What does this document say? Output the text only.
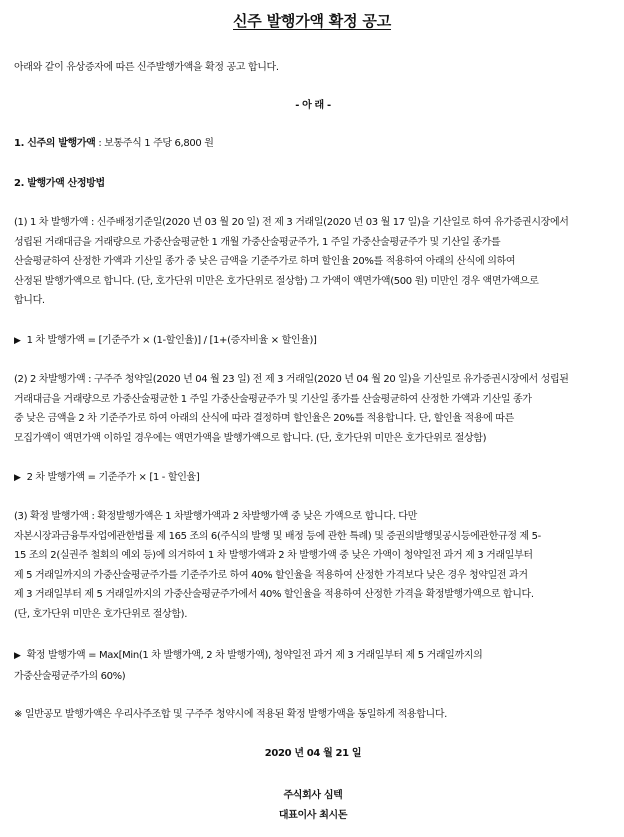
신주 발행가액 확정 공고

아래와 같이 유상증자에 따른 신주발행가액을 확정 공고 합니다.

- 아 래 -

1. 신주의 발행가액 : 보통주식 1 주당 6,800 원

2. 발행가액 산정방법

(1) 1 차 발행가액 : 신주배정기준일(2020 년 03 월 20 일) 전 제 3 거래일(2020 년 03 월 17 일)을 기산일로 하여 유가증권시장에서
성립된 거래대금을 거래량으로 가중산술평균한 1 개월 가중산술평균주가, 1 주일 가중산술평균주가 및 기산일 종가를
산술평균하여 산정한 가액과 기산일 종가 중 낮은 금액을 기준주가로 하며 할인율 20%를 적용하여 아래의 산식에 의하여
산정된 발행가액으로 합니다. (단, 호가단위 미만은 호가단위로 절상함) 그 가액이 액면가액(500 원) 미만인 경우 액면가액으로
합니다.

▶ 1 차 발행가액 = [기준주가 × (1-할인율)] / [1+(증자비율 × 할인율)]

(2) 2 차발행가액 : 구주주 청약일(2020 년 04 월 23 일) 전 제 3 거래일(2020 년 04 월 20 일)을 기산일로 유가증권시장에서 성립된
거래대금을 거래량으로 가중산술평균한 1 주일 가중산술평균주가 및 기산일 종가를 산술평균하여 산정한 가액과 기산일 종가
중 낮은 금액을 2 차 기준주가로 하여 아래의 산식에 따라 결정하며 할인율은 20%를 적용합니다. 단, 할인율 적용에 따른
모집가액이 액면가액 이하일 경우에는 액면가액을 발행가액으로 합니다. (단, 호가단위 미만은 호가단위로 절상함)

▶ 2 차 발행가액 = 기준주가 × [1 - 할인율]

(3) 확정 발행가액 : 확정발행가액은 1 차발행가액과 2 차발행가액 중 낮은 가액으로 합니다. 다만
자본시장과금융투자업에관한법률 제 165 조의 6(주식의 발행 및 배정 등에 관한 특례) 및 증권의발행및공시등에관한규정 제 5-
15 조의 2(실권주 철회의 예외 등)에 의거하여 1 차 발행가액과 2 차 발행가액 중 낮은 가액이 청약일전 과거 제 3 거래일부터
제 5 거래일까지의 가중산술평균주가를 기준주가로 하여 40% 할인율을 적용하여 산정한 가격보다 낮은 경우 청약일전 과거
제 3 거래일부터 제 5 거래일까지의 가중산술평균주가에서 40% 할인율을 적용하여 산정한 가격을 확정발행가액으로 합니다.
(단, 호가단위 미만은 호가단위로 절상함).
▶ 확정 발행가액 = Max[Min(1 차 발행가액, 2 차 발행가액), 청약일전 과거 제 3 거래일부터 제 5 거래일까지의
가중산술평균주가의 60%)

※ 일반공모 발행가액은 우리사주조합 및 구주주 청약시에 적용된 확정 발행가액을 동일하게 적용합니다.

2020 년 04 월 21 일

주식회사 심텍

대표이사 최시돈
